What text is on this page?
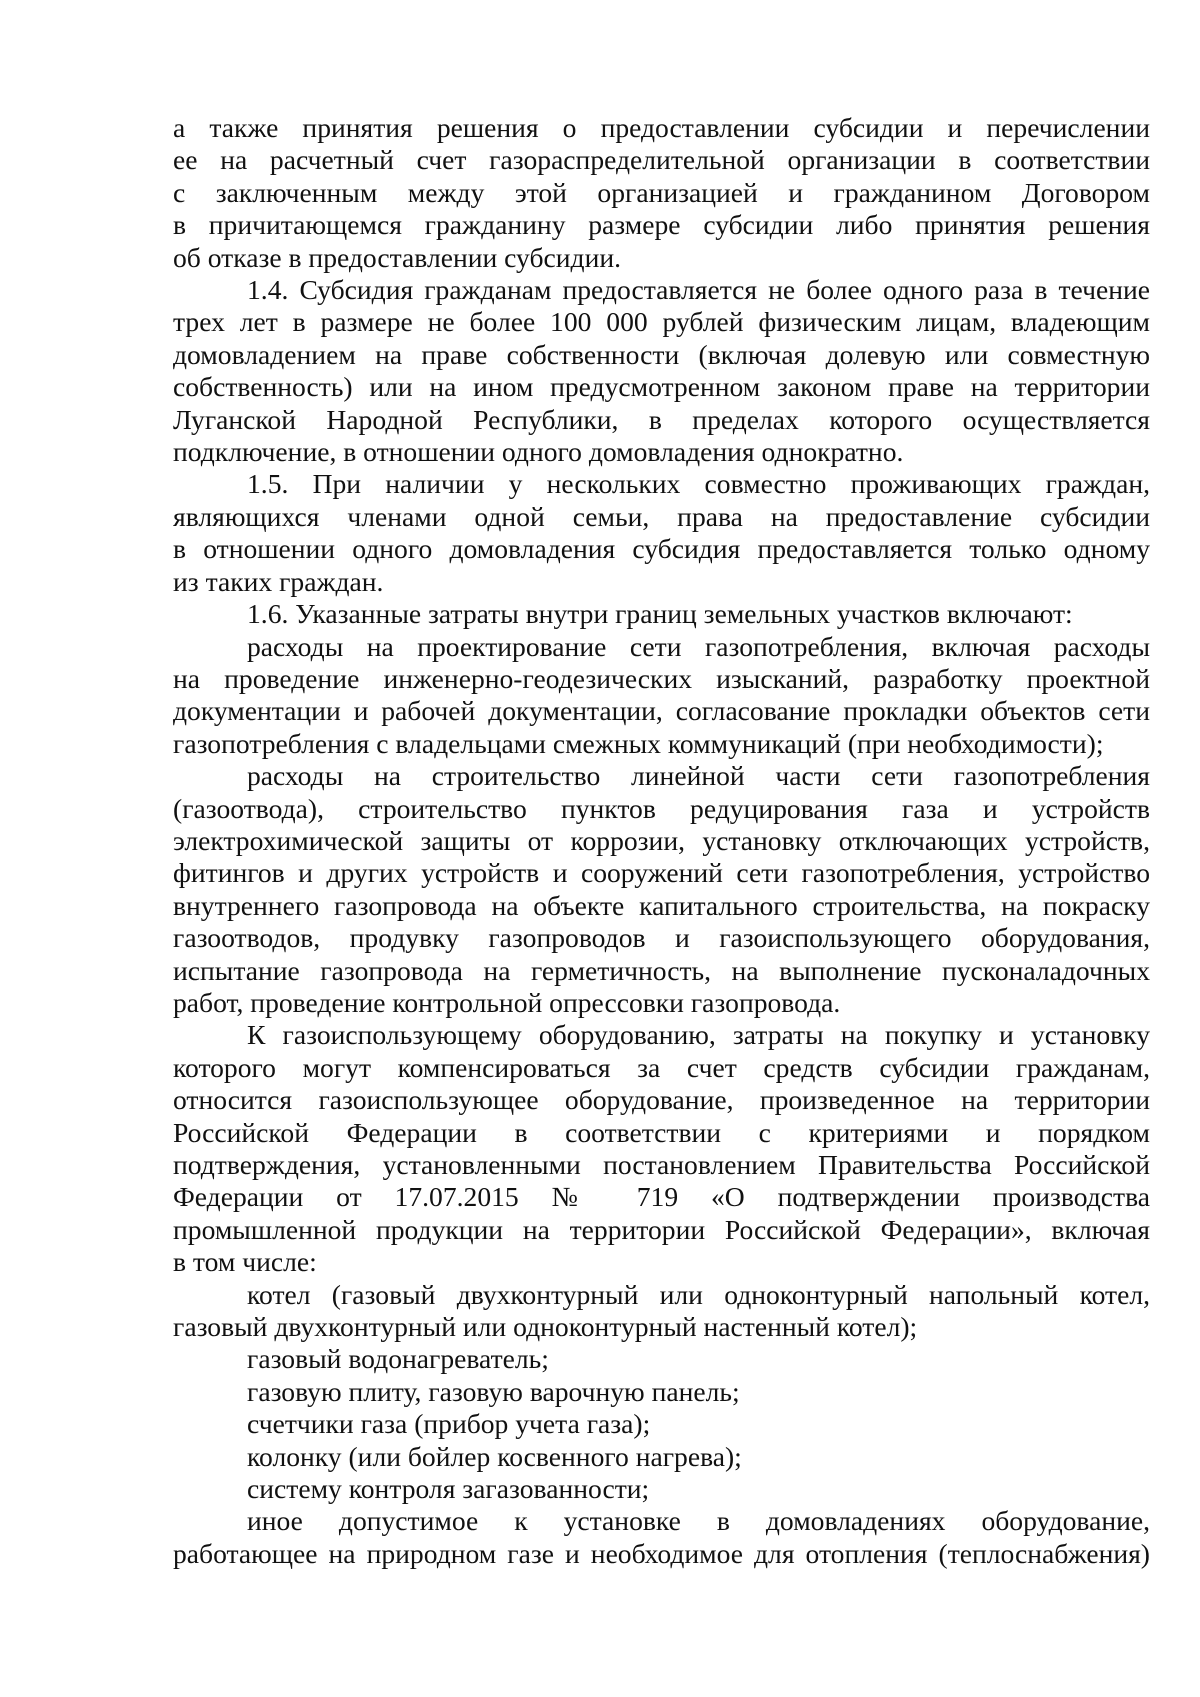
а также принятия решения о предоставлении субсидии и перечислении
ее на расчетный счет газораспределительной организации в соответствии
с заключенным между этой организацией и гражданином Договором
в причитающемся гражданину размере субсидии либо принятия решения
об отказе в предоставлении субсидии.
1.4. Субсидия гражданам предоставляется не более одного раза в течение
трех лет в размере не более 100 000 рублей физическим лицам, владеющим
домовладением на праве собственности (включая долевую или совместную
собственность) или на ином предусмотренном законом праве на территории
Луганской Народной Республики, в пределах которого осуществляется
подключение, в отношении одного домовладения однократно.
1.5. При наличии у нескольких совместно проживающих граждан,
являющихся членами одной семьи, права на предоставление субсидии
в отношении одного домовладения субсидия предоставляется только одному
из таких граждан.
1.6. Указанные затраты внутри границ земельных участков включают:
расходы на проектирование сети газопотребления, включая расходы
на проведение инженерно-геодезических изысканий, разработку проектной
документации и рабочей документации, согласование прокладки объектов сети
газопотребления с владельцами смежных коммуникаций (при необходимости);
расходы на строительство линейной части сети газопотребления
(газоотвода), строительство пунктов редуцирования газа и устройств
электрохимической защиты от коррозии, установку отключающих устройств,
фитингов и других устройств и сооружений сети газопотребления, устройство
внутреннего газопровода на объекте капитального строительства, на покраску
газоотводов, продувку газопроводов и газоиспользующего оборудования,
испытание газопровода на герметичность, на выполнение пусконаладочных
работ, проведение контрольной опрессовки газопровода.
К газоиспользующему оборудованию, затраты на покупку и установку
которого могут компенсироваться за счет средств субсидии гражданам,
относится газоиспользующее оборудование, произведенное на территории
Российской Федерации в соответствии с критериями и порядком
подтверждения, установленными постановлением Правительства Российской
Федерации от 17.07.2015 № 719 «О подтверждении производства
промышленной продукции на территории Российской Федерации», включая
в том числе:
котел (газовый двухконтурный или одноконтурный напольный котел,
газовый двухконтурный или одноконтурный настенный котел);
газовый водонагреватель;
газовую плиту, газовую варочную панель;
счетчики газа (прибор учета газа);
колонку (или бойлер косвенного нагрева);
систему контроля загазованности;
иное допустимое к установке в домовладениях оборудование,
работающее на природном газе и необходимое для отопления (теплоснабжения)
